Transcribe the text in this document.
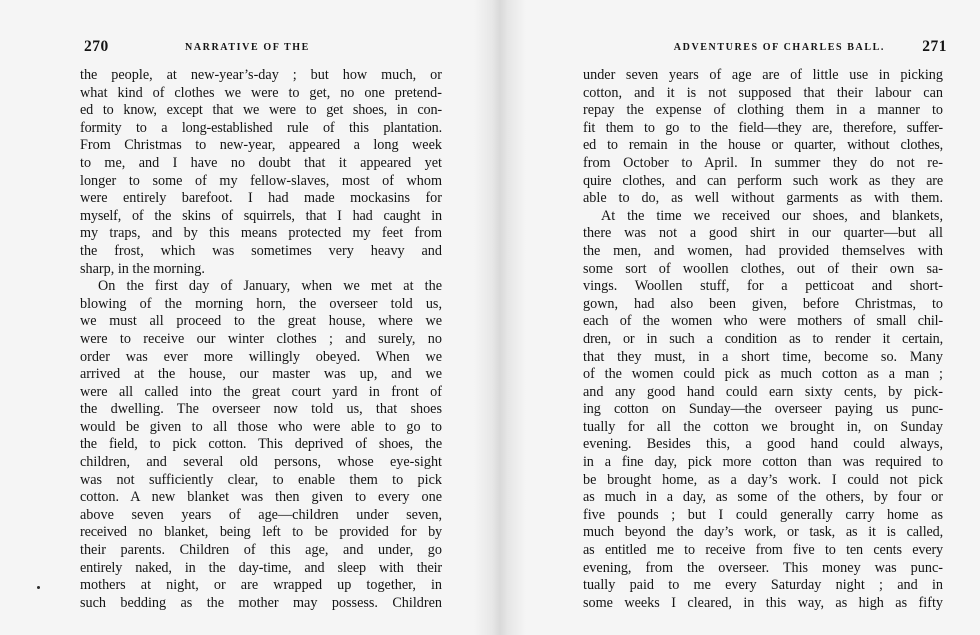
270	NARRATIVE OF THE
the people, at new-year’s-day ; but how much, or
what kind of clothes we were to get, no one pretend-
ed to know, except that we were to get shoes, in con-
formity to a long-established rule of this plantation.
From Christmas to new-year, appeared a long week
to me, and I have no doubt that it appeared yet
longer to some of my fellow-slaves, most of whom
were entirely barefoot. I had made mockasins for
myself, of the skins of squirrels, that I had caught in
my traps, and by this means protected my feet from
the frost, which was sometimes very heavy and
sharp, in the morning.
On the first day of January, when we met at the
blowing of the morning horn, the overseer told us,
we must all proceed to the great house, where we
were to receive our winter clothes ; and surely, no
order was ever more willingly obeyed. When we
arrived at the house, our master was up, and we
were all called into the great court yard in front of
the dwelling. The overseer now told us, that shoes
would be given to all those who were able to go to
the field, to pick cotton. This deprived of shoes, the
children, and several old persons, whose eye-sight
was not sufficiently clear, to enable them to pick
cotton. A new blanket was then given to every one
above seven years of age—children under seven,
received no blanket, being left to be provided for by
their parents. Children of this age, and under, go
entirely naked, in the day-time, and sleep with their
mothers at night, or are wrapped up together, in
such bedding as the mother may possess. Children
ADVENTURES OF CHARLES BALL. 271
under seven years of age are of little use in picking
cotton, and it is not supposed that their labour can
repay the expense of clothing them in a manner to
fit them to go to the field—they are, therefore, suffer-
ed to remain in the house or quarter, without clothes,
from October to April. In summer they do not re-
quire clothes, and can perform such work as they are
able to do, as well without garments as with them.
At the time we received our shoes, and blankets,
there was not a good shirt in our quarter—but all
the men, and women, had provided themselves with
some sort of woollen clothes, out of their own sa-
vings. Woollen stuff, for a petticoat and short-
gown, had also been given, before Christmas, to
each of the women who were mothers of small chil-
dren, or in such a condition as to render it certain,
that they must, in a short time, become so. Many
of the women could pick as much cotton as a man ;
and any good hand could earn sixty cents, by pick-
ing cotton on Sunday—the overseer paying us punc-
tually for all the cotton we brought in, on Sunday
evening. Besides this, a good hand could always,
in a fine day, pick more cotton than was required to
be brought home, as a day’s work. I could not pick
as much in a day, as some of the others, by four or
five pounds ; but I could generally carry home as
much beyond the day’s work, or task, as it is called,
as entitled me to receive from five to ten cents every
evening, from the overseer. This money was punc-
tually paid to me every Saturday night ; and in
some weeks I cleared, in this way, as high as fifty
